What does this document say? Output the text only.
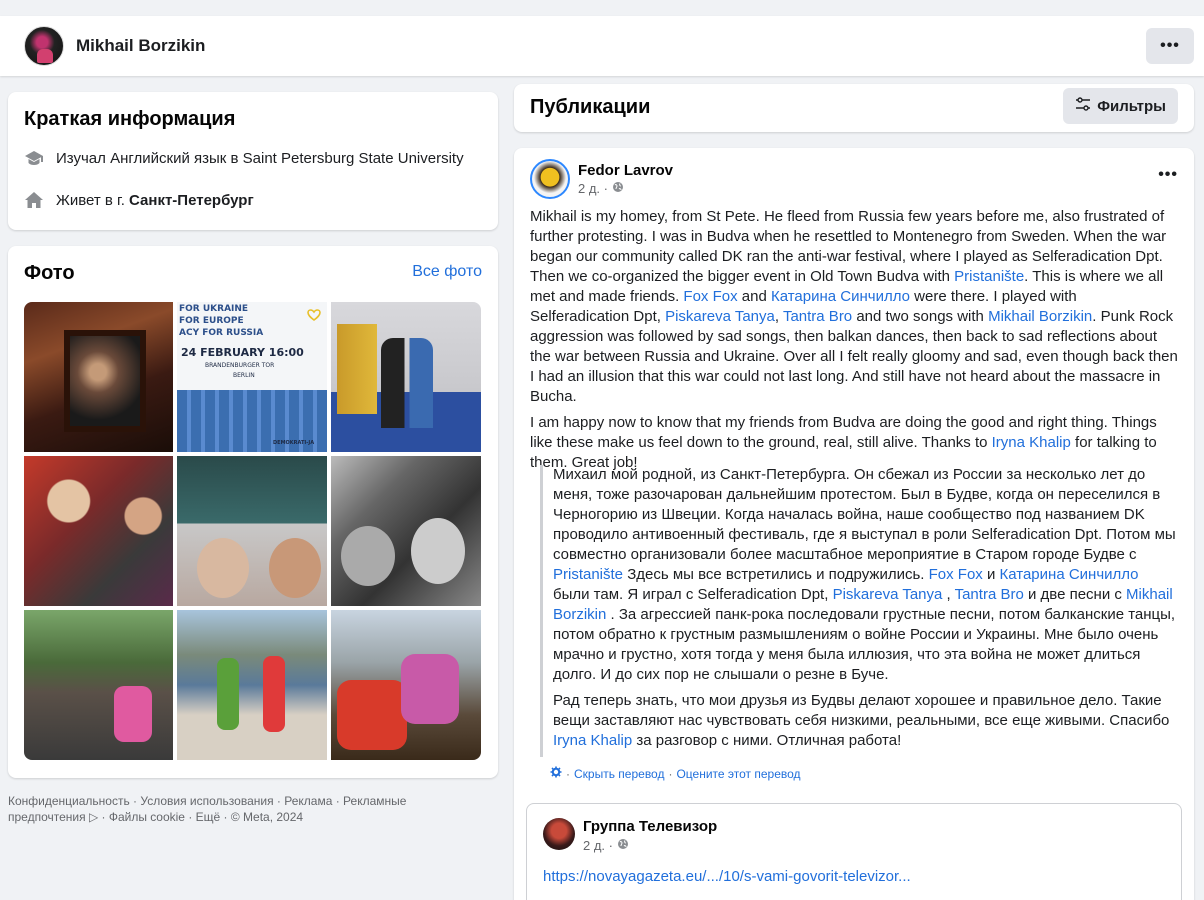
Mikhail Borzikin	•••
Краткая информация
Изучал Английский язык в Saint Petersburg State University
Живет в г.
Санкт-Петербург
Фото	Все фото
FOR UKRAINE
FOR EUROPE
ACY FOR RUSSIA
24 FEBRUARY 16:00
BRANDENBURGER TOR
BERLIN
DEMOKRATI-JA
Конфиденциальность · Условия использования · Реклама · Рекламные предпочтения ▷ · Файлы cookie · Ещё · © Meta, 2024
Публикации	Фильтры
Fedor Lavrov
2 д. ·
•••

Mikhail is my homey, from St Pete. He fleed from Russia few years before me, also frustrated of further protesting. I was in Budva when he resettled to Montenegro from Sweden. When the war began our community called DK ran the anti-war festival, where I played as Selferadication Dpt. Then we co-organized the bigger event in Old Town Budva with Pristanište. This is where we all met and made friends. Fox Fox and Катарина Синчилло were there. I played with Selferadication Dpt, Piskareva Tanya, Tantra Bro and two songs with Mikhail Borzikin. Punk Rock aggression was followed by sad songs, then balkan dances, then back to sad reflections about the war between Russia and Ukraine. Over all I felt really gloomy and sad, even though back then I had an illusion that this war could not last long. And still have not heard about the massacre in Bucha.

I am happy now to know that my friends from Budva are doing the good and right thing. Things like these make us feel down to the ground, real, still alive. Thanks to Iryna Khalip for talking to them. Great job!

Михаил мой родной, из Санкт-Петербурга. Он сбежал из России за несколько лет до меня, тоже разочарован дальнейшим протестом. Был в Будве, когда он переселился в Черногорию из Швеции. Когда началась война, наше сообщество под названием DK проводило антивоенный фестиваль, где я выступал в роли Selferadication Dpt. Потом мы совместно организовали более масштабное мероприятие в Старом городе Будве с Pristanište Здесь мы все встретились и подружились. Fox Fox и Катарина Синчилло были там. Я играл с Selferadication Dpt, Piskareva Tanya , Tantra Bro и две песни с Mikhail Borzikin . За агрессией панк-рока последовали грустные песни, потом балканские танцы, потом обратно к грустным размышлениям о войне России и Украины. Мне было очень мрачно и грустно, хотя тогда у меня была иллюзия, что эта война не может длиться долго. И до сих пор не слышали о резне в Буче.

Рад теперь знать, что мои друзья из Будвы делают хорошее и правильное дело. Такие вещи заставляют нас чувствовать себя низкими, реальными, все еще живыми. Спасибо Iryna Khalip за разговор с ними. Отличная работа!

· Скрыть перевод · Оцените этот перевод
Группа Телевизор
2 д. ·
https://novayagazeta.eu/.../10/s-vami-govorit-televizor...
